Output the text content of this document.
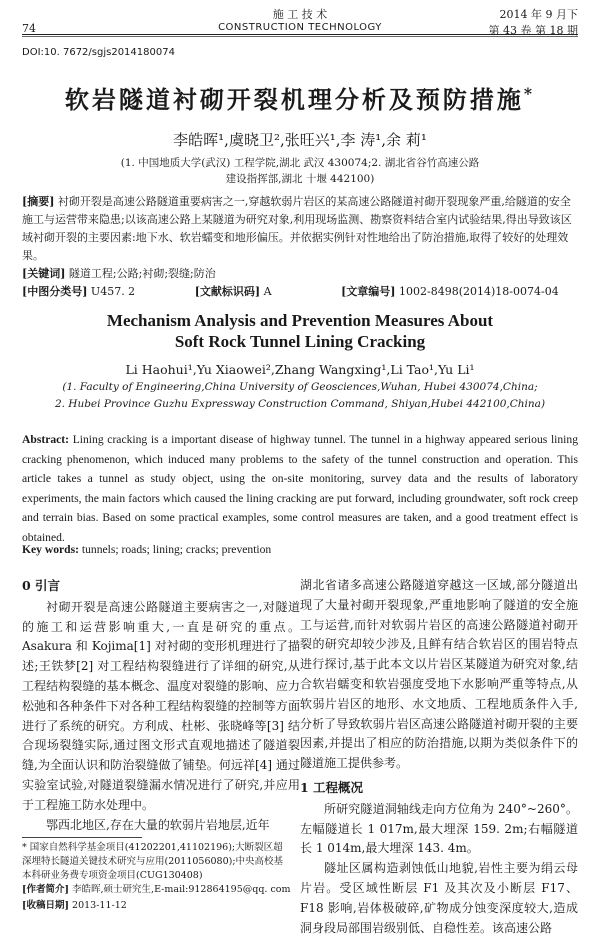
74
施 工 技 术
CONSTRUCTION TECHNOLOGY
2014 年 9 月下
第 43 卷 第 18 期
DOI:10. 7672/sgjs2014180074
软岩隧道衬砌开裂机理分析及预防措施*
李皓晖¹,虞晓卫²,张旺兴¹,李 涛¹,余 莉¹
(1. 中国地质大学(武汉) 工程学院,湖北 武汉 430074;2. 湖北省谷竹高速公路
建设指挥部,湖北 十堰 442100)
[摘要] 衬砌开裂是高速公路隧道重要病害之一,穿越软弱片岩区的某高速公路隧道衬砌开裂现象严重,给隧道的安全施工与运营带来隐患;以该高速公路上某隧道为研究对象,利用现场监测、勘察资料结合室内试验结果,得出导致该区域衬砌开裂的主要因素:地下水、软岩蠕变和地形偏压。并依据实例针对性地给出了防治措施,取得了较好的处理效果。
[关键词] 隧道工程;公路;衬砌;裂缝;防治
[中图分类号] U457. 2	[文献标识码] A	[文章编号] 1002-8498(2014)18-0074-04
Mechanism Analysis and Prevention Measures About
Soft Rock Tunnel Lining Cracking
Li Haohui¹,Yu Xiaowei²,Zhang Wangxing¹,Li Tao¹,Yu Li¹
(1. Faculty of Engineering,China University of Geosciences,Wuhan, Hubei 430074,China;
2. Hubei Province Guzhu Expressway Construction Command, Shiyan,Hubei 442100,China)
Abstract: Lining cracking is a important disease of highway tunnel. The tunnel in a highway appeared serious lining cracking phenomenon, which induced many problems to the safety of the tunnel construction and operation. This article takes a tunnel as study object, using the on-site monitoring, survey data and the results of laboratory experiments, the main factors which caused the lining cracking are put forward, including groundwater, soft rock creep and terrain bias. Based on some practical examples, some control measures are taken, and a good treatment effect is obtained.
Key words: tunnels; roads; lining; cracks; prevention
0 引言

衬砌开裂是高速公路隧道主要病害之一,对隧道的施工和运营影响重大,一直是研究的重点。Asakura 和 Kojima[1] 对衬砌的变形机理进行了描述;王铁梦[2] 对工程结构裂缝进行了详细的研究,从工程结构裂缝的基本概念、温度对裂缝的影响、应力松弛和各种条件下对各种工程结构裂缝的控制等方面进行了系统的研究。方利成、杜彬、张晓峰等[3] 结合现场裂缝实际,通过图文形式直观地描述了隧道裂缝,为全面认识和防治裂缝做了铺垫。何远祥[4] 通过实验室试验,对隧道裂缝漏水情况进行了研究,并应用于工程施工防水处理中。

鄂西北地区,存在大量的软弱片岩地层,近年

* 国家自然科学基金项目(41202201,41102196);大断裂区超深埋特长隧道关键技术研究与应用(2011056080);中央高校基本科研业务费专项资金项目(CUG130408)
[作者简介] 李皓晖,硕士研究生,E-mail:912864195@qq. com
[收稿日期] 2013-11-12

湖北省诸多高速公路隧道穿越这一区域,部分隧道出现了大量衬砌开裂现象,严重地影响了隧道的安全施工与运营,而针对软弱片岩区的高速公路隧道衬砌开裂的研究却较少涉及,且鲜有结合软岩区的围岩特点进行探讨,基于此本文以片岩区某隧道为研究对象,结合软岩蠕变和软岩强度受地下水影响严重等特点,从软弱片岩区的地形、水文地质、工程地质条件入手,分析了导致软弱片岩区高速公路隧道衬砌开裂的主要因素,并提出了相应的防治措施,以期为类似条件下的隧道施工提供参考。

1 工程概况

所研究隧道洞轴线走向方位角为 240°~260°。左幅隧道长 1 017m,最大埋深 159. 2m;右幅隧道长 1 014m,最大埋深 143. 4m。

隧址区属构造剥蚀低山地貌,岩性主要为绢云母片岩。受区域性断层 F1 及其次及小断层 F17、F18 影响,岩体极破碎,矿物成分蚀变深度较大,造成洞身段局部围岩级别低、自稳性差。该高速公路
